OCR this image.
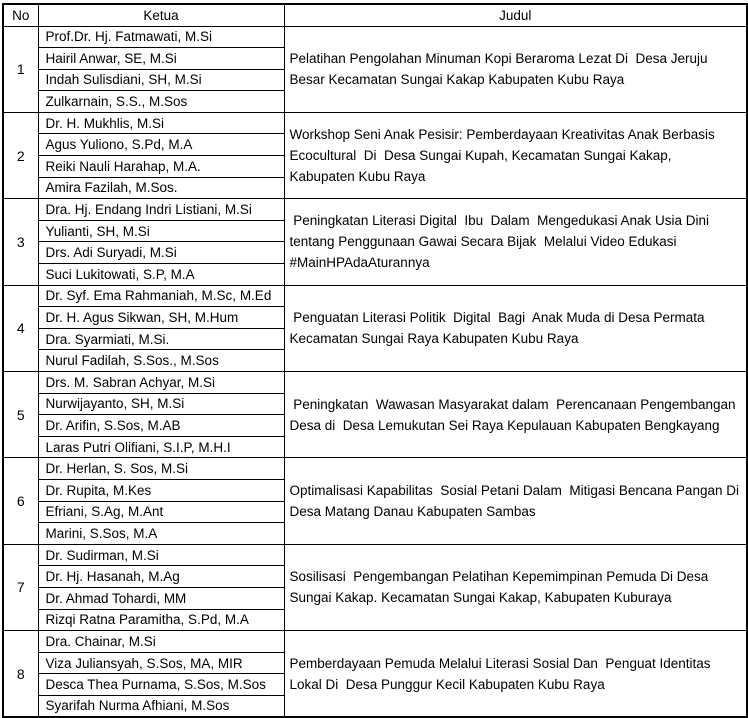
No	Ketua	Judul
1	Prof.Dr. Hj. Fatmawati, M.Si	Pelatihan Pengolahan Minuman Kopi Beraroma Lezat Di  Desa Jeruju Besar Kecamatan Sungai Kakap Kabupaten Kubu Raya
	Hairil Anwar, SE, M.Si	
	Indah Sulisdiani, SH, M.Si	
	Zulkarnain, S.S., M.Sos	
2	Dr. H. Mukhlis, M.Si	Workshop Seni Anak Pesisir: Pemberdayaan Kreativitas Anak Berbasis Ecocultural  Di  Desa Sungai Kupah, Kecamatan Sungai Kakap, Kabupaten Kubu Raya
	Agus Yuliono, S.Pd, M.A	
	Reiki Nauli Harahap, M.A.	
	Amira Fazilah, M.Sos.	
3	Dra. Hj. Endang Indri Listiani, M.Si	Peningkatan Literasi Digital  Ibu  Dalam  Mengedukasi Anak Usia Dini tentang Penggunaan Gawai Secara Bijak  Melalui Video Edukasi #MainHPAdaAturannya
	Yulianti, SH, M.Si	
	Drs. Adi Suryadi, M.Si	
	Suci Lukitowati, S.P, M.A	
4	Dr. Syf. Ema Rahmaniah, M.Sc, M.Ed	Penguatan Literasi Politik  Digital  Bagi  Anak Muda di Desa Permata Kecamatan Sungai Raya Kabupaten Kubu Raya
	Dr. H. Agus Sikwan, SH, M.Hum	
	Dra. Syarmiati, M.Si.	
	Nurul Fadilah, S.Sos., M.Sos	
5	Drs. M. Sabran Achyar, M.Si	Peningkatan  Wawasan Masyarakat dalam  Perencanaan Pengembangan Desa di  Desa Lemukutan Sei Raya Kepulauan Kabupaten Bengkayang
	Nurwijayanto, SH, M.Si	
	Dr. Arifin, S.Sos, M.AB	
	Laras Putri Olifiani, S.I.P, M.H.I	
6	Dr. Herlan, S. Sos, M.Si	Optimalisasi Kapabilitas  Sosial Petani Dalam  Mitigasi Bencana Pangan Di Desa Matang Danau Kabupaten Sambas
	Dr. Rupita, M.Kes	
	Efriani, S.Ag, M.Ant	
	Marini, S.Sos, M.A	
7	Dr. Sudirman, M.Si	Sosilisasi  Pengembangan Pelatihan Kepemimpinan Pemuda Di Desa Sungai Kakap. Kecamatan Sungai Kakap, Kabupaten Kuburaya
	Dr. Hj. Hasanah, M.Ag	
	Dr. Ahmad Tohardi, MM	
	Rizqi Ratna Paramitha, S.Pd, M.A	
8	Dra. Chainar, M.Si	Pemberdayaan Pemuda Melalui Literasi Sosial Dan  Penguat Identitas Lokal Di  Desa Punggur Kecil Kabupaten Kubu Raya
	Viza Juliansyah, S.Sos, MA, MIR	
	Desca Thea Purnama, S.Sos, M.Sos	
	Syarifah Nurma Afhiani, M.Sos	
